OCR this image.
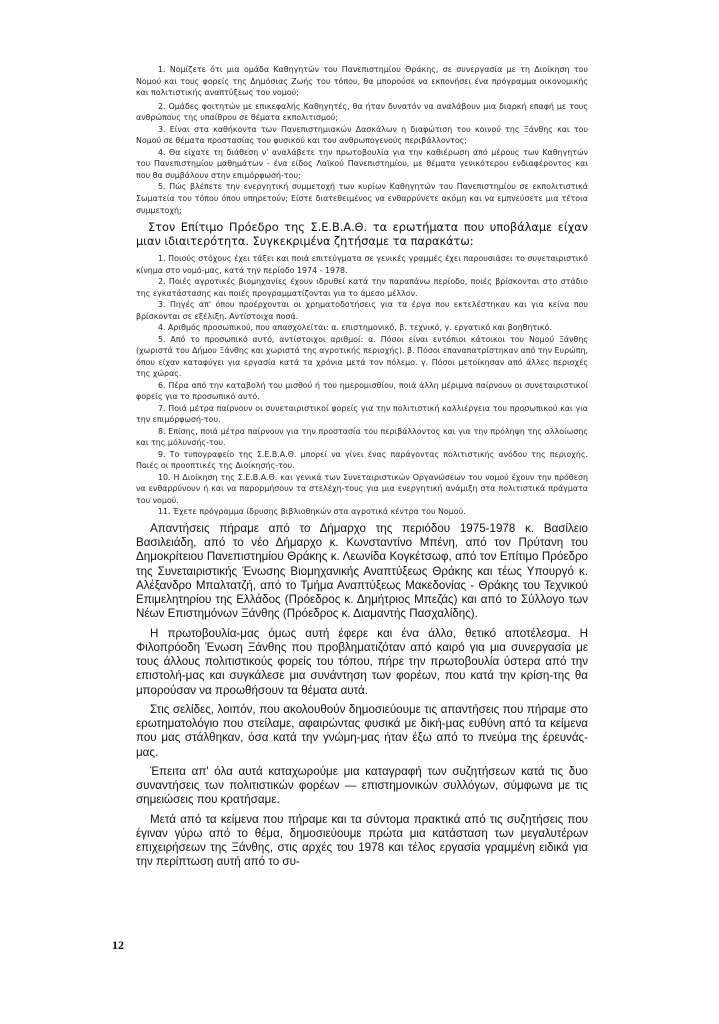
1. Νομίζετε ότι μια ομάδα Καθηγητών του Πανεπιστημίου Θράκης, σε συνεργασία με τη Διοίκηση του Νομού και τους φορείς της Δημόσιας Ζωής του τόπου, θα μπορούσε να εκπονήσει ένα πρόγραμμα οικονομικής και πολιτιστικής αναπτύξεως του νομού;

2. Ομάδες φοιτητών με επικεφαλής Καθηγητές, θα ήταν δυνατόν να αναλάβουν μια διαρκή επαφή με τους ανθρώπους της υπαίθρου σε θέματα εκπολιτισμού;

3. Είναι στα καθήκοντα των Πανεπιστημιακών Δασκάλων η διαφώτιση του κοινού της Ξάνθης και του Νομού σε θέματα προστασίας του φυσικού και του ανθρωπογενούς περιβάλλοντος;

4. Θα είχατε τη διάθεση ν' αναλάβετε την πρωτοβουλία για την καθιέρωση από μέρους των Καθηγητών του Πανεπιστημίου μαθημάτων - ένα είδος Λαϊκού Πανεπιστημίου, με θέματα γενικότερου ενδιαφέροντος και που θα συμβάλουν στην επιμόρφωσή-του;

5. Πώς βλέπετε την ενεργητική συμμετοχή των κυρίων Καθηγητών του Πανεπιστημίου σε εκπολιτιστικά Σωματεία του τόπου όπου υπηρετούν; Είστε διατεθειμένος να ενθαρρύνετε ακόμη και να εμπνεύσετε μια τέτοια συμμετοχή;

Στον Επίτιμο Πρόεδρο της Σ.Ε.Β.Α.Θ. τα ερωτήματα που υποβάλαμε είχαν μιαν ιδιαιτερότητα. Συγκεκριμένα ζητήσαμε τα παρακάτω:

1. Ποιούς στόχους έχει τάξει και ποιά επιτεύγματα σε γενικές γραμμές έχει παρουσιάσει το συνεταιριστικό κίνημα στο νομό-μας, κατά την περίοδο 1974 - 1978.

2. Ποιές αγροτικές βιομηχανίες έχουν ιδρυθεί κατά την παραπάνω περίοδο, ποιές βρίσκονται στο στάδιο της εγκατάστασης και ποιές προγραμματίζονται για το άμεσο μέλλον.

3. Πηγές απ' όπου προέρχονται οι χρηματοδοτήσεις για τα έργα που εκτελέστηκαν και για κείνα που βρίσκονται σε εξέλιξη. Αντίστοιχα ποσά.

4. Αριθμός προσωπικού, που απασχολείται: α. επιστημονικό, β. τεχνικό, γ. εργατικό και βοηθητικό.

5. Από το προσωπικό αυτό, αντίστοιχοι αριθμοί: α. Πόσοι είναι εντόπιοι κάτοικοι του Νομού Ξάνθης (χωριστά του Δήμου Ξάνθης και χωριστά της αγροτικής περιοχής). β. Πόσοι επαναπατρίστηκαν από την Ευρώπη, όπου είχαν καταφύγει για εργασία κατά τα χρόνια μετά τον πόλεμο. γ. Πόσοι μετοίκησαν από άλλες περιοχές της χώρας.

6. Πέρα από την καταβολή του μισθού ή του ημερομισθίου, ποιά άλλη μέριμνα παίρνουν οι συνεταιριστικοί φορείς για το προσωπικό αυτό.

7. Ποιά μέτρα παίρνουν οι συνεταιριστικοί φορείς για την πολιτιστική καλλιέργεια του προσωπικού και για την επιμόρφωσή-του.

8. Επίσης, ποιά μέτρα παίρνουν για την προστασία του περιβάλλοντος και για την πρόληψη της αλλοίωσης και της μόλυνσής-του.

9. Το τυπογραφείο της Σ.Ε.Β.Α.Θ. μπορεί να γίνει ένας παράγοντας πολιτιστικής ανόδου της περιοχής. Ποιές οι προοπτικές της Διοίκησής-του.

10. Η Διοίκηση της Σ.Ε.Β.Α.Θ. και γενικά των Συνεταιριστικών Οργανώσεων του νομού έχουν την πρόθεση να ενθαρρύνουν ή και να παρορμήσουν τα στελέχη-τους για μια ενεργητική ανάμιξη στα πολιτιστικά πράγματα του νομού.

11. Έχετε πρόγραμμα ίδρυσης βιβλιοθηκών στα αγροτικά κέντρα του Νομού.

Απαντήσεις πήραμε από το Δήμαρχο της περιόδου 1975-1978 κ. Βασίλειο Βασιλειάδη, από το νέο Δήμαρχο κ. Κωνσταντίνο Μπένη, από τον Πρύτανη του Δημοκρίτειου Πανεπιστημίου Θράκης κ. Λεωνίδα Κογκέτσωφ, από τον Επίτιμο Πρόεδρο της Συνεταιριστικής Ένωσης Βιομηχανικής Αναπτύξεως Θράκης και τέως Υπουργό κ. Αλέξανδρο Μπαλτατζή, από το Τμήμα Αναπτύξεως Μακεδονίας - Θράκης του Τεχνικού Επιμελητηρίου της Ελλάδος (Πρόεδρος κ. Δημήτριος Μπεζάς) και από το Σύλλογο των Νέων Επιστημόνων Ξάνθης (Πρόεδρος κ. Διαμαντής Πασχαλίδης).

Η πρωτοβουλία-μας όμως αυτή έφερε και ένα άλλο, θετικό αποτέλεσμα. Η Φιλοπρόοδη Ένωση Ξάνθης που προβληματιζόταν από καιρό για μια συνεργασία με τους άλλους πολιτιστικούς φορείς του τόπου, πήρε την πρωτοβουλία ύστερα από την επιστολή-μας και συγκάλεσε μια συνάντηση των φορέων, που κατά την κρίση-της θα μπορούσαν να προωθήσουν τα θέματα αυτά.

Στις σελίδες, λοιπόν, που ακολουθούν δημοσιεύουμε τις απαντήσεις που πήραμε στο ερωτηματολόγιο που στείλαμε, αφαιρώντας φυσικά με δική-μας ευθύνη από τα κείμενα που μας στάλθηκαν, όσα κατά την γνώμη-μας ήταν έξω από το πνεύμα της έρευνάς-μας.

Έπειτα απ' όλα αυτά καταχωρούμε μια καταγραφή των συζητήσεων κατά τις δυο συναντήσεις των πολιτιστικών φορέων — επιστημονικών συλλόγων, σύμφωνα με τις σημειώσεις που κρατήσαμε.

Μετά από τα κείμενα που πήραμε και τα σύντομα πρακτικά από τις συζητήσεις που έγιναν γύρω από το θέμα, δημοσιεύουμε πρώτα μια κατάσταση των μεγαλυτέρων επιχειρήσεων της Ξάνθης, στις αρχές του 1978 και τέλος εργασία γραμμένη ειδικά για την περίπτωση αυτή από το συ-

12
